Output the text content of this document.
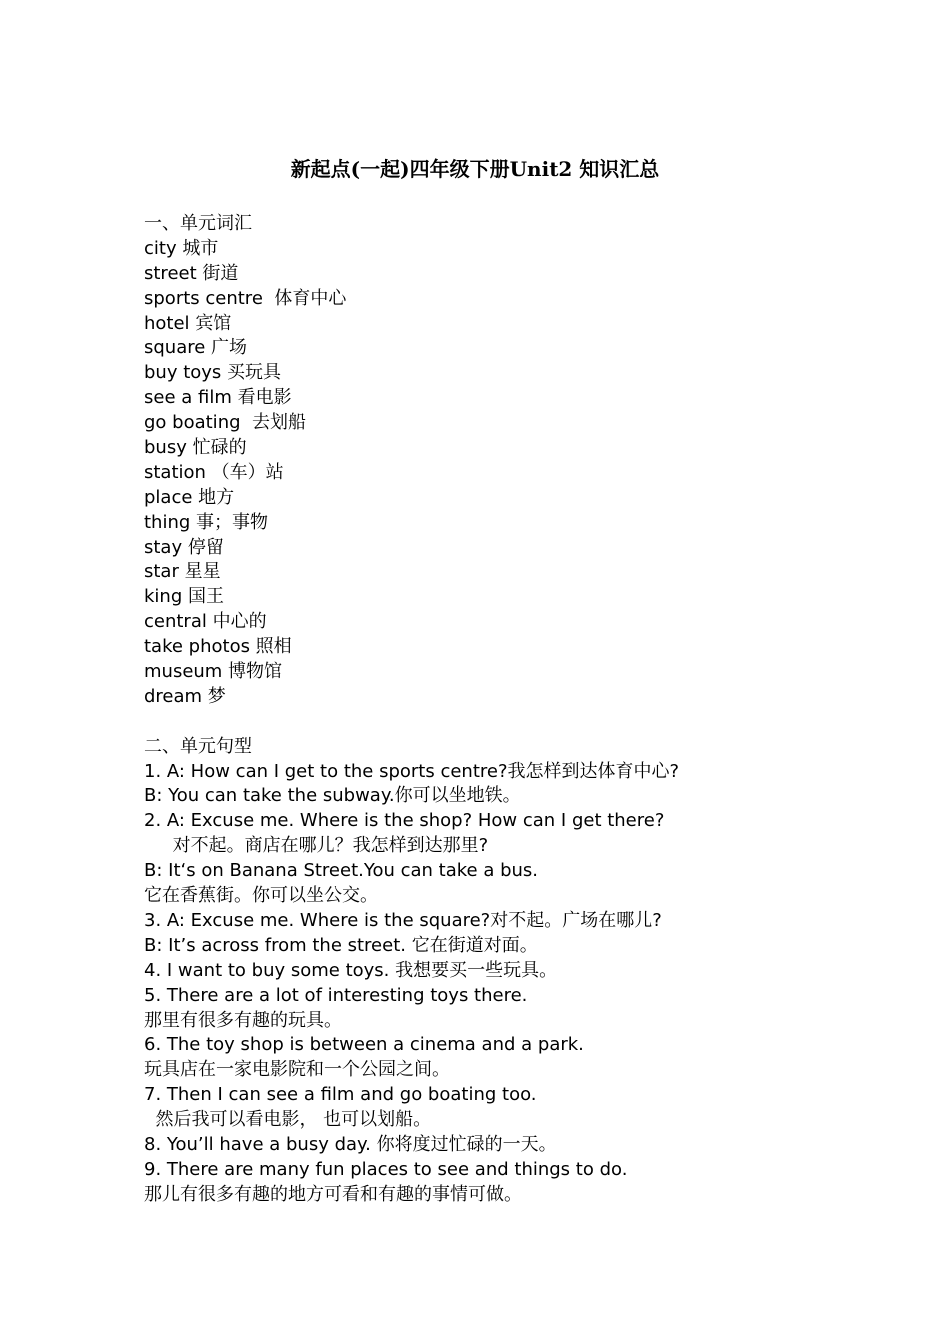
新起点(一起)四年级下册Unit2 知识汇总
一、单元词汇
city 城市
street 街道
sports centre  体育中心
hotel 宾馆
square 广场
buy toys 买玩具
see a film 看电影
go boating  去划船
busy 忙碌的
station （车）站
place 地方
thing 事；事物
stay 停留
star 星星
king 国王
central 中心的
take photos 照相
museum 博物馆
dream 梦
二、单元句型
1. A: How can I get to the sports centre?我怎样到达体育中心?
B: You can take the subway.你可以坐地铁。
2. A: Excuse me. Where is the shop? How can I get there?
对不起。商店在哪儿？我怎样到达那里?
B: It‘s on Banana Street.You can take a bus.
它在香蕉街。你可以坐公交。
3. A: Excuse me. Where is the square?对不起。广场在哪儿?
B: It’s across from the street. 它在街道对面。
4. I want to buy some toys. 我想要买一些玩具。
5. There are a lot of interesting toys there.
那里有很多有趣的玩具。
6. The toy shop is between a cinema and a park.
玩具店在一家电影院和一个公园之间。
7. Then I can see a film and go boating too.
然后我可以看电影， 也可以划船。
8. You’ll have a busy day. 你将度过忙碌的一天。
9. There are many fun places to see and things to do.
那儿有很多有趣的地方可看和有趣的事情可做。
